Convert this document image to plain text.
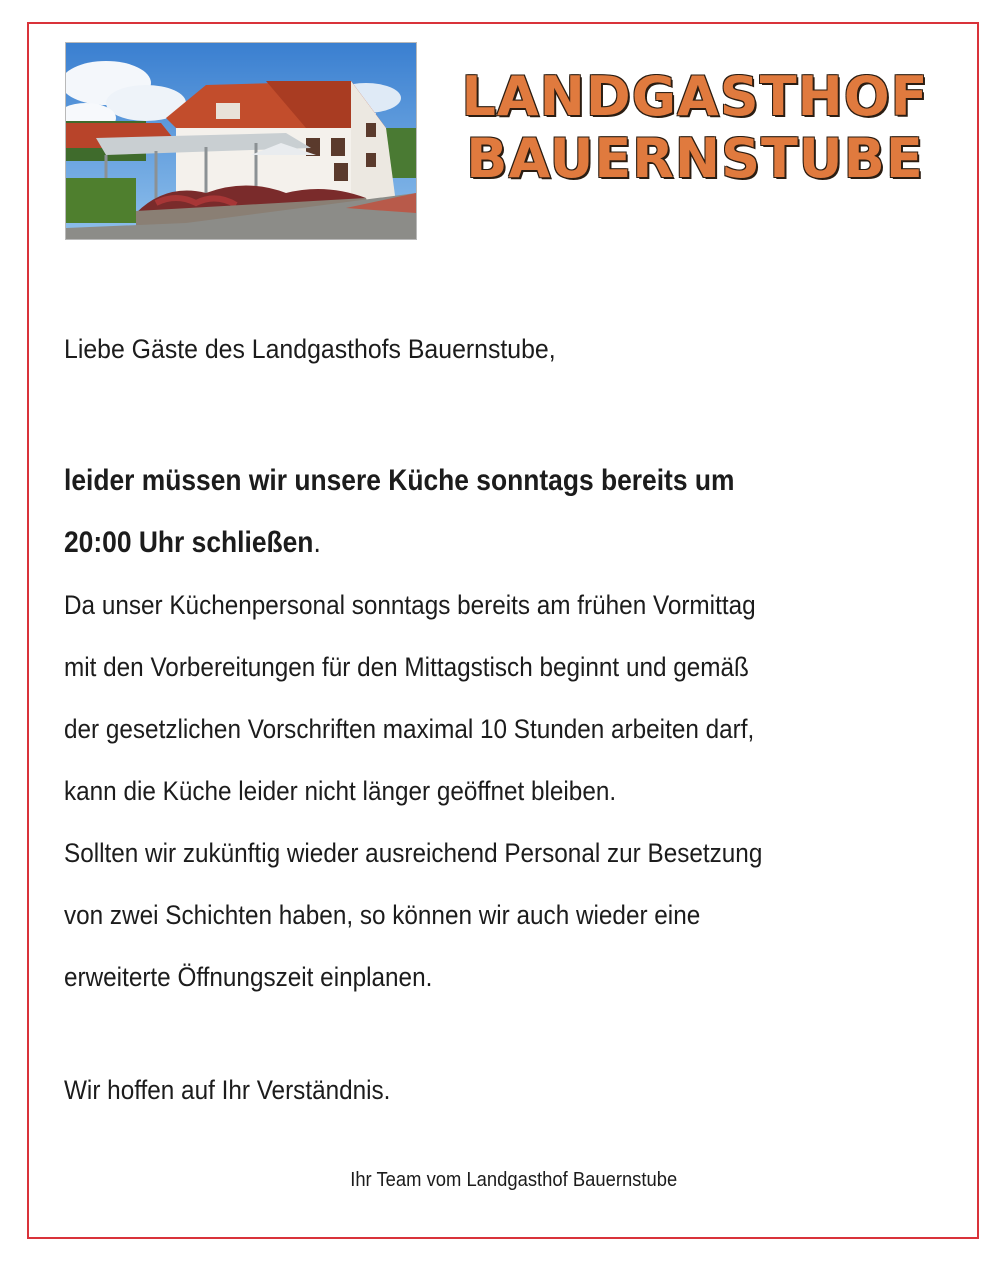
LANDGASTHOF
BAUERNSTUBE
Liebe Gäste des Landgasthofs Bauernstube,
leider müssen wir unsere Küche sonntags bereits um
20:00 Uhr schließen.
Da unser Küchenpersonal sonntags bereits am frühen Vormittag
mit den Vorbereitungen für den Mittagstisch beginnt und gemäß
der gesetzlichen Vorschriften maximal 10 Stunden arbeiten darf,
kann die Küche leider nicht länger geöffnet bleiben.
Sollten wir zukünftig wieder ausreichend Personal zur Besetzung
von zwei Schichten haben, so können wir auch wieder eine
erweiterte Öffnungszeit einplanen.
Wir hoffen auf Ihr Verständnis.
Ihr Team vom Landgasthof Bauernstube
